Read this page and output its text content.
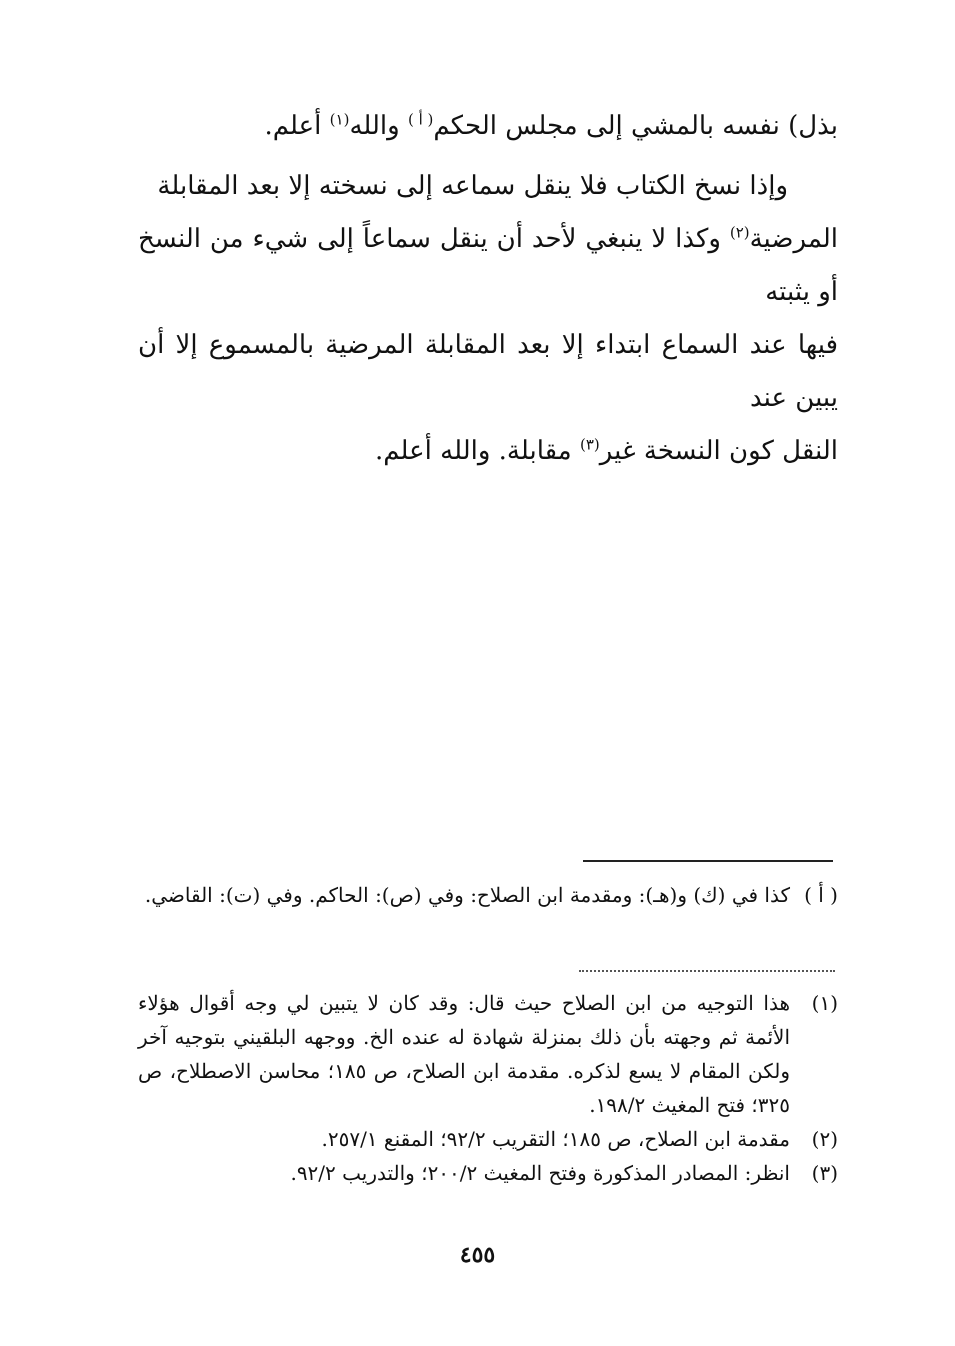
بذل) نفسه بالمشي إلى مجلس الحكم$^{( أ )}$ والله$^{(١)}$ أعلم.

وإذا نسخ الكتاب فلا ينقل سماعه إلى نسخته إلا بعد المقابلة

المرضية$^{(٢)}$ وكذا لا ينبغي لأحد أن ينقل سماعاً إلى شيء من النسخ أو يثبته

فيها عند السماع ابتداء إلا بعد المقابلة المرضية بالمسموع إلا أن يبين عند

النقل كون النسخة غير$^{(٣)}$ مقابلة. والله أعلم.

( أ )كذا في (ك) و(هـ): ومقدمة ابن الصلاح: وفي (ص): الحاكم. وفي (ت): القاضي.

(١)هذا التوجيه من ابن الصلاح حيث قال: وقد كان لا يتبين لي وجه أقوال هؤلاء الأئمة ثم وجهته بأن ذلك بمنزلة شهادة له عنده الخ. ووجهه البلقيني بتوجيه آخر ولكن المقام لا يسع لذكره. مقدمة ابن الصلاح، ص ١٨٥؛ محاسن الاصطلاح، ص ٣٢٥؛ فتح المغيث ١٩٨/٢.

(٢)مقدمة ابن الصلاح، ص ١٨٥؛ التقريب ٩٢/٢؛ المقنع ٢٥٧/١.

(٣)انظر: المصادر المذكورة وفتح المغيث ٢٠٠/٢؛ والتدريب ٩٢/٢.

٤٥٥
